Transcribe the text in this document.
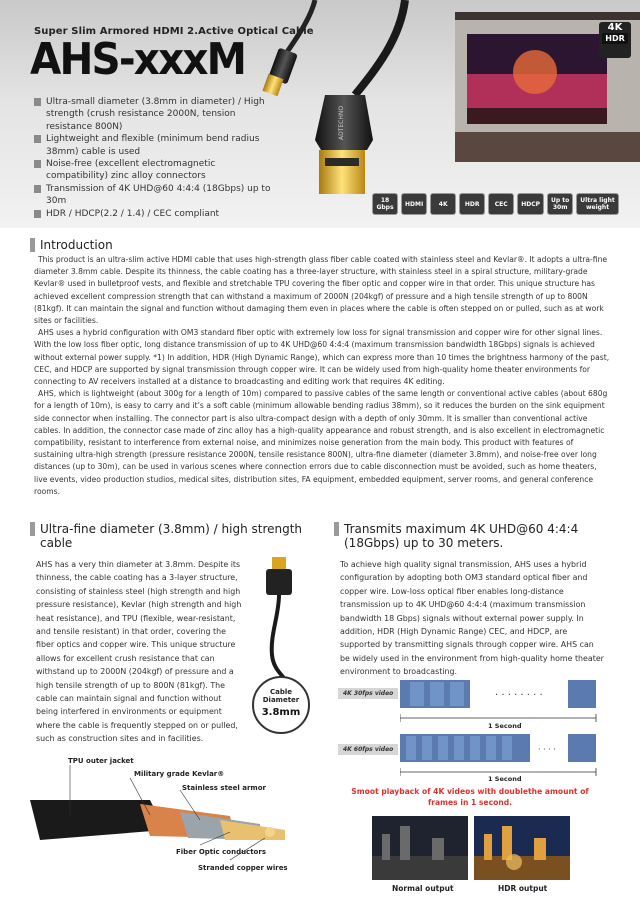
Super Slim Armored HDMI 2.Active Optical Cable
AHS-xxxM
Ultra-small diameter (3.8mm in diameter) / High strength (crush resistance 2000N, tension resistance 800N)
Lightweight and flexible (minimum bend radius 38mm) cable is used
Noise-free (excellent electromagnetic compatibility) zinc alloy connectors
Transmission of 4K UHD@60 4:4:4 (18Gbps) up to 30m
HDR / HDCP(2.2 / 1.4) / CEC compliant
ADTECHNO
4K
HDR
18
Gbps HDMI	4K	HDR	CEC HDCP Up to
30m
Ultra light
weight
Introduction

This product is an ultra-slim active HDMI cable that uses high-strength glass fiber cable coated with stainless steel and Kevlar®. It adopts a ultra-fine diameter 3.8mm cable. Despite its thinness, the cable coating has a three-layer structure, with stainless steel in a spiral structure, military-grade Kevlar® used in bulletproof vests, and flexible and stretchable TPU covering the fiber optic and copper wire in that order. This unique structure has achieved excellent compression strength that can withstand a maximum of 2000N (204kgf) of pressure and a high tensile strength of up to 800N (81kgf). It can maintain the signal and function without damaging them even in places where the cable is often stepped on or pulled, such as at work sites or facilities.

AHS uses a hybrid configuration with OM3 standard fiber optic with extremely low loss for signal transmission and copper wire for other signal lines. With the low loss fiber optic, long distance transmission of up to 4K UHD@60 4:4:4 (maximum transmission bandwidth 18Gbps) signals is achieved without external power supply. *1) In addition, HDR (High Dynamic Range), which can express more than 10 times the brightness harmony of the past, CEC, and HDCP are supported by signal transmission through copper wire. It can be widely used from high-quality home theater environments for connecting to AV receivers installed at a distance to broadcasting and editing work that requires 4K editing.

AHS, which is lightweight (about 300g for a length of 10m) compared to passive cables of the same length or conventional active cables (about 680g for a length of 10m), is easy to carry and it’s a soft cable (minimum allowable bending radius 38mm), so it reduces the burden on the sink equipment side connector when installing. The connector part is also ultra-compact design with a depth of only 30mm. It is smaller than conventional active cables. In addition, the connector case made of zinc alloy has a high-quality appearance and robust strength, and is also excellent in electromagnetic compatibility, resistant to interference from external noise, and minimizes noise generation from the main body. This product with features of sustaining ultra-high strength (pressure resistance 2000N, tensile resistance 800N), ultra-fine diameter (diameter 3.8mm), and noise-free over long distances (up to 30m), can be used in various scenes where connection errors due to cable disconnection must be avoided, such as home theaters, live events, video production studios, medical sites, distribution sites, FA equipment, embedded equipment, server rooms, and general conference rooms.

Ultra-fine diameter (3.8mm) / high strength cable
AHS has a very thin diameter at 3.8mm. Despite its thinness, the cable coating has a 3-layer structure, consisting of stainless steel (high strength and high pressure resistance), Kevlar (high strength and high heat resistance), and TPU (flexible, wear-resistant, and tensile resistant) in that order, covering the fiber optics and copper wire. This unique structure allows for excellent crush resistance that can withstand up to 2000N (204kgf) of pressure and a high tensile strength of up to 800N (81kgf). The cable can maintain signal and function without being interfered in environments or equipment where the cable is frequently stepped on or pulled, such as construction sites and in facilities.
Cable Diameter
3.8mm
TPU outer jacket
Military grade Kevlar®
Stainless steel armor
Fiber Optic conductors
Stranded copper wires
Transmits maximum 4K UHD@60 4:4:4 (18Gbps) up to 30 meters.
To achieve high quality signal transmission, AHS uses a hybrid configuration by adopting both OM3 standard optical fiber and copper wire. Low-loss optical fiber enables long-distance transmission up to 4K UHD@60 4:4:4 (maximum transmission bandwidth 18 Gbps) signals without external power supply. In addition, HDR (High Dynamic Range) CEC, and HDCP, are supported by transmitting signals through copper wire. AHS can be widely used in the environment from high-quality home theater environment to broadcasting.
4K 30fps video	· · · · · · · ·
1 Second
4K 60fps video	· · · ·
1 Second
Smoot playback of 4K videos with doublethe amount of frames in 1 second.
Normal output	HDR output
